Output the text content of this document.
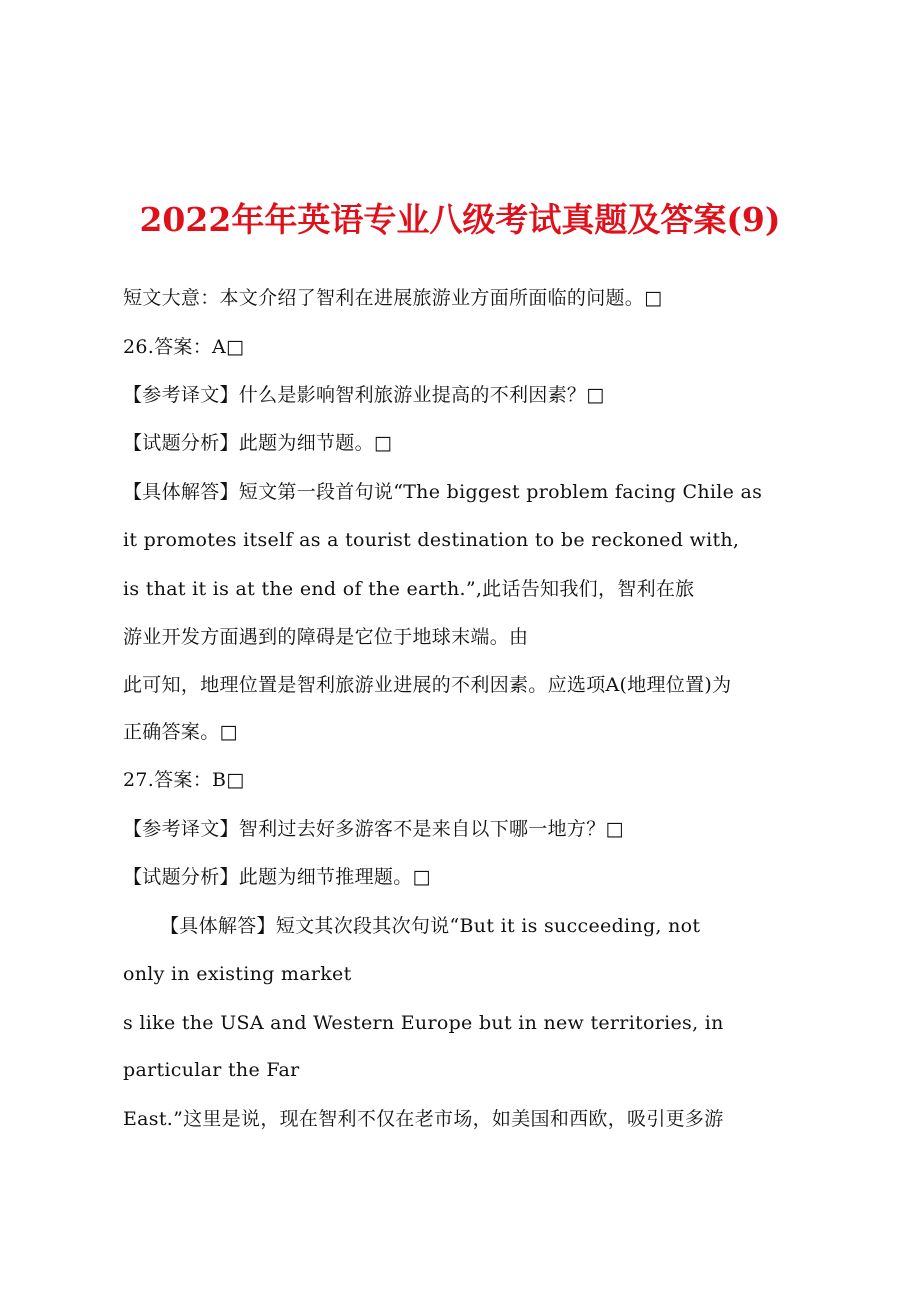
2022年年英语专业八级考试真题及答案(9)
短文大意：本文介绍了智利在进展旅游业方面所面临的问题。□
26.答案：A□
【参考译文】什么是影响智利旅游业提高的不利因素？□
【试题分析】此题为细节题。□
【具体解答】短文第一段首句说“The biggest problem facing Chile as
it promotes itself as a tourist destination to be reckoned with,
is that it is at the end of the earth.”,此话告知我们，智利在旅
游业开发方面遇到的障碍是它位于地球末端。由
此可知，地理位置是智利旅游业进展的不利因素。应选项A(地理位置)为
正确答案。□
27.答案：B□
【参考译文】智利过去好多游客不是来自以下哪一地方？□
【试题分析】此题为细节推理题。□
【具体解答】短文其次段其次句说“But it is succeeding, not
only in existing market
s like the USA and Western Europe but in new territories, in
particular the Far
East.”这里是说，现在智利不仅在老市场，如美国和西欧，吸引更多游
